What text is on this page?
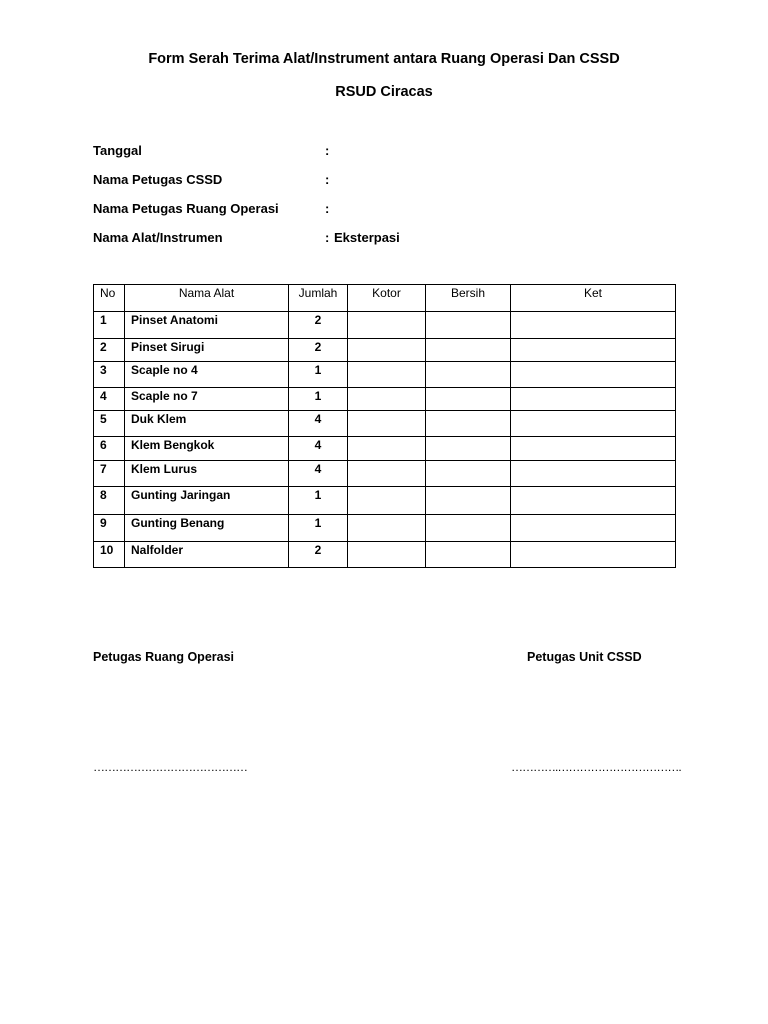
Form Serah Terima Alat/Instrument antara Ruang Operasi Dan CSSD
RSUD Ciracas
Tanggal	:
Nama Petugas CSSD	:
Nama Petugas Ruang Operasi	:
Nama Alat/Instrumen	: Eksterpasi
No	Nama Alat	Jumlah	Kotor	Bersih	Ket
1	Pinset Anatomi	2			
2	Pinset Sirugi	2			
3	Scaple no 4	1			
4	Scaple no 7	1			
5	Duk Klem	4			
6	Klem Bengkok	4			
7	Klem Lurus	4			
8	Gunting Jaringan	1			
9	Gunting Benang	1			
10	Nalfolder	2			
Petugas Ruang Operasi	Petugas Unit CSSD
……………………………………	………….…………………………….
